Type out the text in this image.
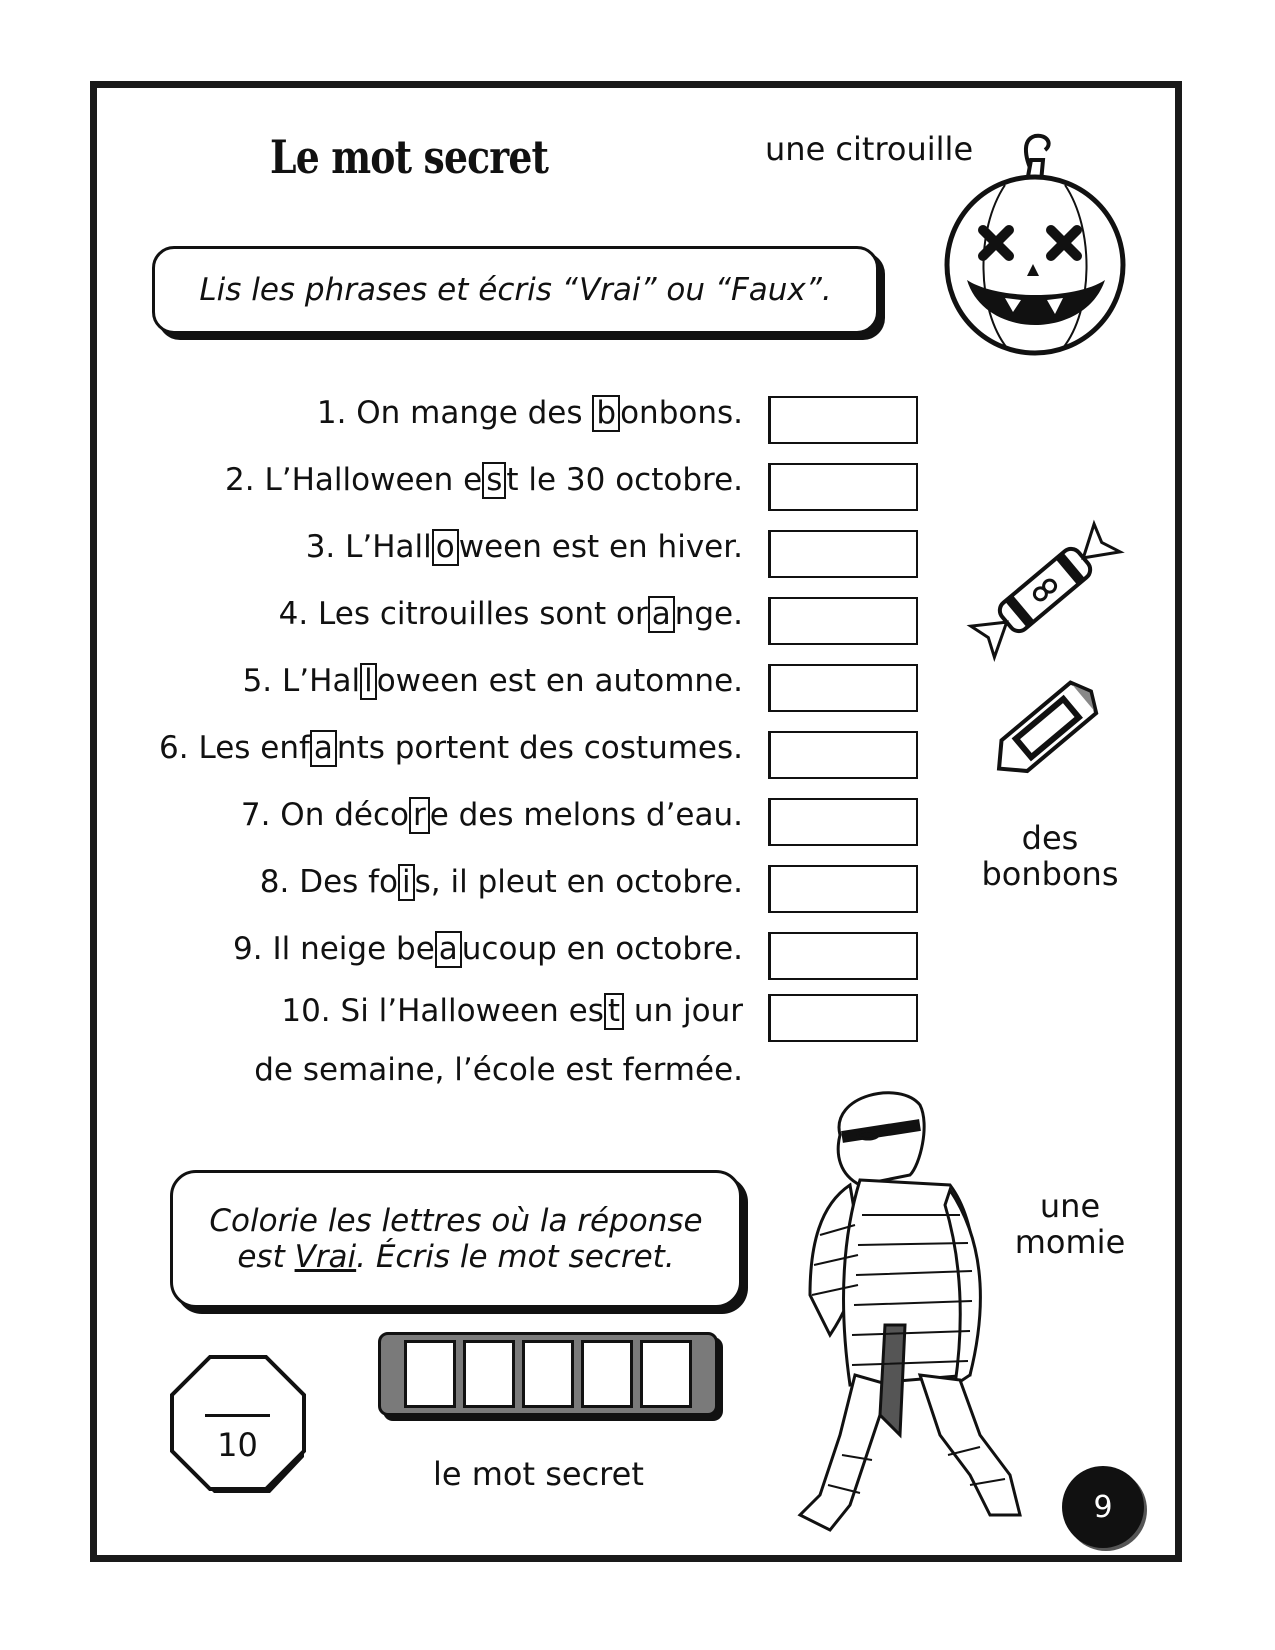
Le mot secret	une citrouille
Lis les phrases et écris “Vrai” ou “Faux”.
1. On mange des b onbons.
2. L’Halloween e s t le 30 octobre.
3. L’Hall o ween est en hiver.
4. Les citrouilles sont or a nge.
5. L’Hal l oween est en automne.
6. Les enf a nts portent des costumes.
7. On déco r e des melons d’eau.
8. Des fo i s, il pleut en octobre.
9. Il neige be a ucoup en octobre.
10. Si l’Halloween es t un jour
de semaine, l’école est fermée.
des
bonbons
une
momie
Colorie les lettres où la réponse
est Vrai. Écris le mot secret.
10
le mot secret
9
